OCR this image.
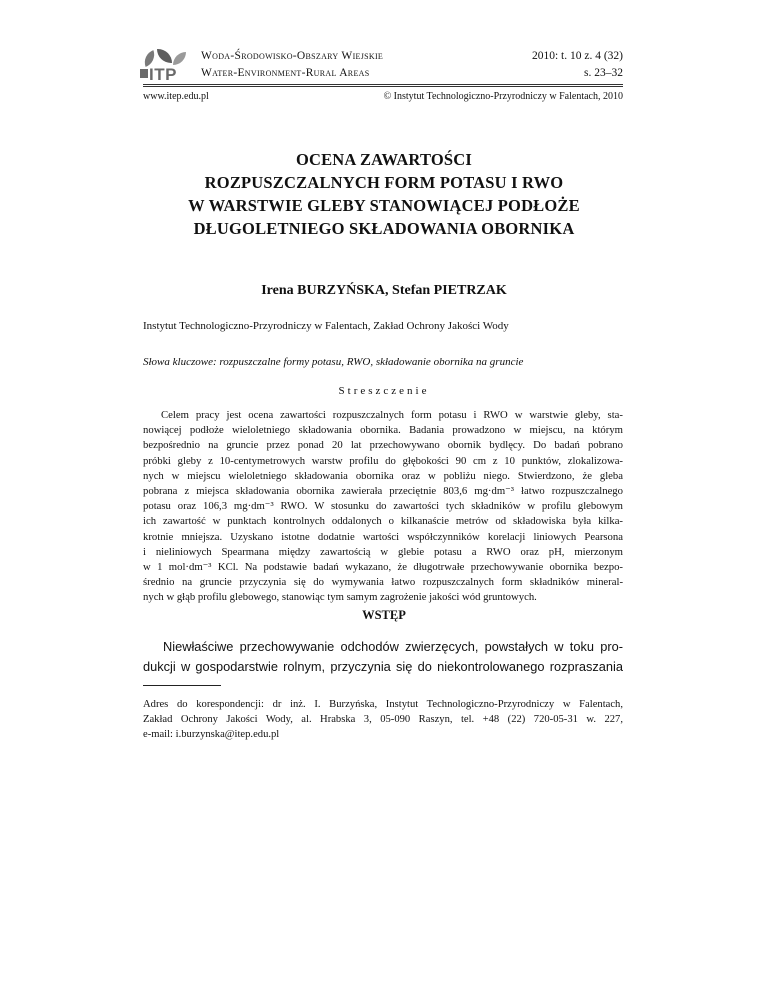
ITP
Woda-Środowisko-Obszary Wiejskie
Water-Environment-Rural Areas
2010: t. 10 z. 4 (32)
s. 23–32
www.itep.edu.pl	© Instytut Technologiczno-Przyrodniczy w Falentach, 2010
OCENA ZAWARTOŚCI
ROZPUSZCZALNYCH FORM POTASU I RWO
W WARSTWIE GLEBY STANOWIĄCEJ PODŁOŻE
DŁUGOLETNIEGO SKŁADOWANIA OBORNIKA
Irena BURZYŃSKA, Stefan PIETRZAK
Instytut Technologiczno-Przyrodniczy w Falentach, Zakład Ochrony Jakości Wody
Słowa kluczowe: rozpuszczalne formy potasu, RWO, składowanie obornika na gruncie
Streszczenie
Celem pracy jest ocena zawartości rozpuszczalnych form potasu i RWO w warstwie gleby, sta-
nowiącej podłoże wieloletniego składowania obornika. Badania prowadzono w miejscu, na którym
bezpośrednio na gruncie przez ponad 20 lat przechowywano obornik bydlęcy. Do badań pobrano
próbki gleby z 10-centymetrowych warstw profilu do głębokości 90 cm z 10 punktów, zlokalizowa-
nych w miejscu wieloletniego składowania obornika oraz w pobliżu niego. Stwierdzono, że gleba
pobrana z miejsca składowania obornika zawierała przeciętnie 803,6 mg·dm⁻³ łatwo rozpuszczalnego
potasu oraz 106,3 mg·dm⁻³ RWO. W stosunku do zawartości tych składników w profilu glebowym
ich zawartość w punktach kontrolnych oddalonych o kilkanaście metrów od składowiska była kilka-
krotnie mniejsza. Uzyskano istotne dodatnie wartości współczynników korelacji liniowych Pearsona
i nieliniowych Spearmana między zawartością w glebie potasu a RWO oraz pH, mierzonym
w 1 mol·dm⁻³ KCl. Na podstawie badań wykazano, że długotrwałe przechowywanie obornika bezpo-
średnio na gruncie przyczynia się do wymywania łatwo rozpuszczalnych form składników mineral-
nych w głąb profilu glebowego, stanowiąc tym samym zagrożenie jakości wód gruntowych.
WSTĘP
Niewłaściwe przechowywanie odchodów zwierzęcych, powstałych w toku pro-
dukcji w gospodarstwie rolnym, przyczynia się do niekontrolowanego rozpraszania
Adres do korespondencji: dr inż. I. Burzyńska, Instytut Technologiczno-Przyrodniczy w Falentach,
Zakład Ochrony Jakości Wody, al. Hrabska 3, 05-090 Raszyn, tel. +48 (22) 720-05-31 w. 227,
e-mail: i.burzynska@itep.edu.pl
